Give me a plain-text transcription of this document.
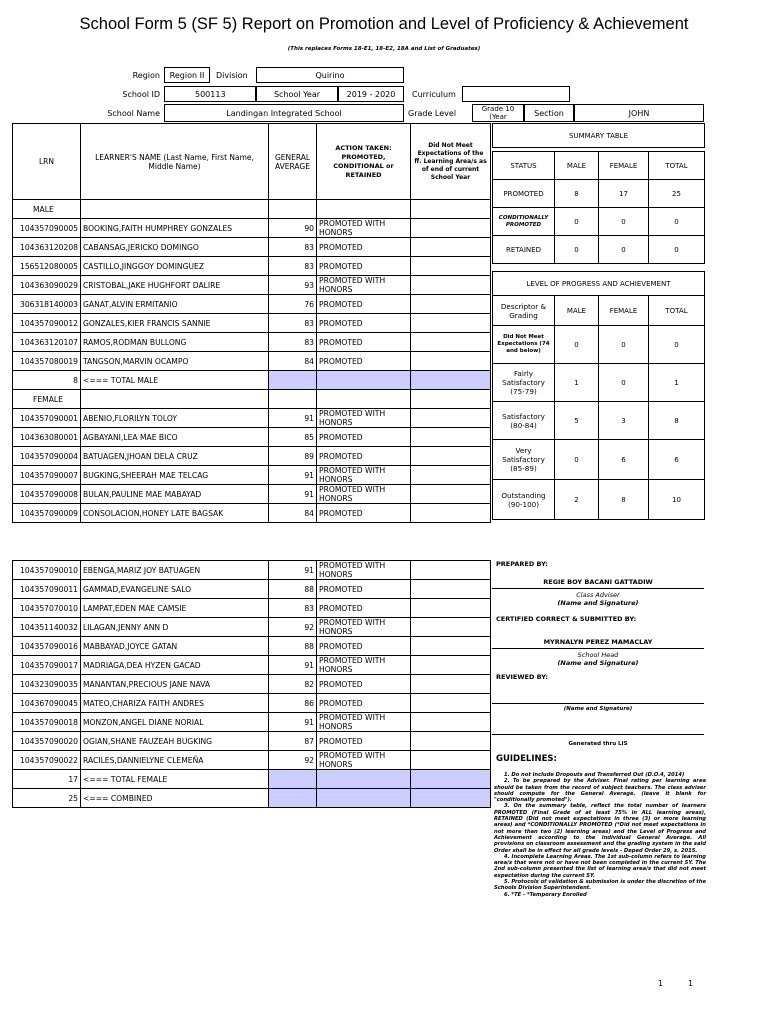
School Form 5 (SF 5) Report on Promotion and Level of Proficiency & Achievement
(This replaces Forms 18-E1, 18-E2, 18A and List of Graduates)
Region	Region II	Division	Quirino
School ID	500113	School Year	2019 - 2020	Curriculum
School Name	Landingan Integrated School	Grade Level	Grade 10 (Year	Section	JOHN
LRN	LEARNER'S NAME (Last Name, First Name, Middle Name)	GENERAL AVERAGE	ACTION TAKEN: PROMOTED, CONDITIONAL or RETAINED	Did Not Meet Expectations of the ff. Learning Area/s as of end of current School Year
MALE				
104357090005	BOOKING,FAITH HUMPHREY GONZALES	90	PROMOTED WITH HONORS	
104363120208	CABANSAG,JERICKO DOMINGO	83	PROMOTED	
156512080005	CASTILLO,JINGGOY DOMINGUEZ	83	PROMOTED	
104363090029	CRISTOBAL,JAKE HUGHFORT DALIRE	93	PROMOTED WITH HONORS	
306318140003	GANAT,ALVIN ERMITANIO	76	PROMOTED	
104357090012	GONZALES,KIER FRANCIS SANNIE	83	PROMOTED	
104363120107	RAMOS,RODMAN BULLONG	83	PROMOTED	
104357080019	TANGSON,MARVIN OCAMPO	84	PROMOTED	
8	<=== TOTAL MALE			
FEMALE				
104357090001	ABENIO,FLORILYN TOLOY	91	PROMOTED WITH HONORS	
104363080001	AGBAYANI,LEA MAE BICO	85	PROMOTED	
104357090004	BATUAGEN,JHOAN DELA CRUZ	89	PROMOTED	
104357090007	BUGKING,SHEERAH MAE TELCAG	91	PROMOTED WITH HONORS	
104357090008	BULAN,PAULINE MAE MABAYAD	91	PROMOTED WITH HONORS	
104357090009	CONSOLACION,HONEY LATE BAGSAK	84	PROMOTED	
104357090010	EBENGA,MARIZ JOY BATUAGEN	91	PROMOTED WITH HONORS	
104357090011	GAMMAD,EVANGELINE SALO	88	PROMOTED	
104357070010	LAMPAT,EDEN MAE CAMSIE	83	PROMOTED	
104351140032	LILAGAN,JENNY ANN D	92	PROMOTED WITH HONORS	
104357090016	MABBAYAD,JOYCE GATAN	88	PROMOTED	
104357090017	MADRIAGA,DEA HYZEN GACAD	91	PROMOTED WITH HONORS	
104323090035	MANANTAN,PRECIOUS JANE NAVA	82	PROMOTED	
104367090045	MATEO,CHARIZA FAITH ANDRES	86	PROMOTED	
104357090018	MONZON,ANGEL DIANE NORIAL	91	PROMOTED WITH HONORS	
104357090020	OGIAN,SHANE FAUZEAH BUGKING	87	PROMOTED	
104357090022	RACILES,DANNIELYNE CLEMEÑA	92	PROMOTED WITH HONORS	
17	<=== TOTAL FEMALE			
25	<=== COMBINED			
SUMMARY TABLE			

STATUS	MALE	FEMALE	TOTAL
PROMOTED	8	17	25
CONDITIONALLY PROMOTED	0	0	0
RETAINED	0	0	0

LEVEL OF PROGRESS AND ACHIEVEMENT			
Descriptor & Grading	MALE	FEMALE	TOTAL
Did Not Meet Expectations (74 and below)	0	0	0
Fairly Satisfactory (75-79)	1	0	1
Satisfactory (80-84)	5	3	8
Very Satisfactory (85-89)	0	6	6
Outstanding (90-100)	2	8	10
PREPARED BY:
REGIE BOY BACANI GATTADIW
Class Adviser
(Name and Signature)
CERTIFIED CORRECT & SUBMITTED BY:
MYRNALYN PEREZ MAMACLAY
School Head
(Name and Signature)
REVIEWED BY:
(Name and Signature)
Generated thru LIS
GUIDELINES:

1. Do not include Dropouts and Transferred Out (D.O.4, 2014)

2. To be prepared by the Adviser. Final rating per learning area should be taken from the record of subject teachers. The class adviser should compute for the General Average. (leave it blank for "conditionally promoted").

3. On the summary table, reflect the total number of learners PROMOTED (Final Grade of at least 75% in ALL learning areas), RETAINED (Did not meet expectations in three (3) or more learning areas) and *CONDITIONALLY PROMOTED (*Did not meet expectations in not more than two (2) learning areas) and the Level of Progress and Achievement according to the individual General Average. All provisions on classroom assessment and the grading system in the said Order shall be in effect for all grade levels - Deped Order 29, s. 2015.

4. Incomplete Learning Areas. The 1st sub-column refers to learning area/s that were not or have not been completed in the current SY. The 2nd sub-column presented the list of learning area/s that did not meet expectation during the current SY.

5. Protocols of validation & submission is under the discretion of the Schools Division Superintendent.

6. *TE - *Temporary Enrolled

1	1
